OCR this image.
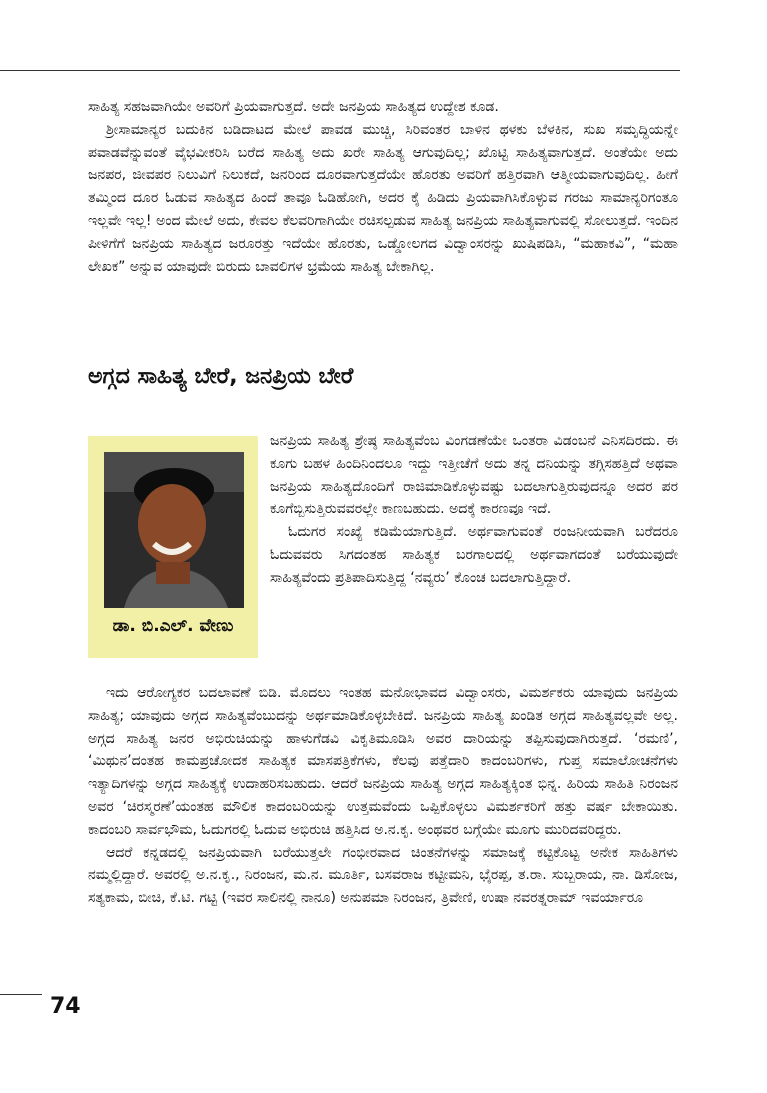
ಸಾಹಿತ್ಯ ಸಹಜವಾಗಿಯೇ ಅವರಿಗೆ ಪ್ರಿಯವಾಗುತ್ತದೆ. ಅದೇ ಜನಪ್ರಿಯ ಸಾಹಿತ್ಯದ ಉದ್ದೇಶ ಕೂಡ.

ಶ್ರೀಸಾಮಾನ್ಯರ ಬದುಕಿನ ಬಡಿದಾಟದ ಮೇಲೆ ಪಾವಡ ಮುಚ್ಚಿ, ಸಿರಿವಂತರ ಬಾಳಿನ ಥಳಕು ಬೆಳಕಿನ, ಸುಖ ಸಮೃದ್ಧಿಯನ್ನೇ ಪವಾಡವೆನ್ನುವಂತೆ ವೈಭವೀಕರಿಸಿ ಬರೆದ ಸಾಹಿತ್ಯ ಅದು ಖರೇ ಸಾಹಿತ್ಯ ಆಗುವುದಿಲ್ಲ; ಖೊಟ್ಟಿ ಸಾಹಿತ್ಯವಾಗುತ್ತದೆ. ಅಂತೆಯೇ ಅದು ಜನಪರ, ಜೀವಪರ ನಿಲುವಿಗೆ ನಿಲುಕದೆ, ಜನರಿಂದ ದೂರವಾಗುತ್ತದೆಯೇ ಹೊರತು ಅವರಿಗೆ ಹತ್ತಿರವಾಗಿ ಆತ್ಮೀಯವಾಗುವುದಿಲ್ಲ. ಹೀಗೆ ತಮ್ಮಿಂದ ದೂರ ಓಡುವ ಸಾಹಿತ್ಯದ ಹಿಂದೆ ತಾವೂ ಓಡಿಹೋಗಿ, ಅದರ ಕೈ ಹಿಡಿದು ಪ್ರಿಯವಾಗಿಸಿಕೊಳ್ಳುವ ಗರಜು ಸಾಮಾನ್ಯರಿಗಂತೂ ಇಲ್ಲವೇ ಇಲ್ಲ! ಅಂದ ಮೇಲೆ ಅದು, ಕೇವಲ ಕೆಲವರಿಗಾಗಿಯೇ ರಚಿಸಲ್ಪಡುವ ಸಾಹಿತ್ಯ ಜನಪ್ರಿಯ ಸಾಹಿತ್ಯವಾಗುವಲ್ಲಿ ಸೋಲುತ್ತದೆ. ಇಂದಿನ ಪೀಳಿಗೆಗೆ ಜನಪ್ರಿಯ ಸಾಹಿತ್ಯದ ಜರೂರತ್ತು ಇದೆಯೇ ಹೊರತು, ಒಡ್ಡೋಲಗದ ವಿದ್ವಾಂಸರನ್ನು ಖುಷಿಪಡಿಸಿ, “ಮಹಾಕವಿ”, “ಮಹಾ ಲೇಖಕ” ಅನ್ನುವ ಯಾವುದೇ ಬಿರುದು ಬಾವಲಿಗಳ ಭ್ರಮೆಯ ಸಾಹಿತ್ಯ ಬೇಕಾಗಿಲ್ಲ.

ಅಗ್ಗದ ಸಾಹಿತ್ಯ ಬೇರೆ, ಜನಪ್ರಿಯ ಬೇರೆ
ಡಾ. ಬಿ.ಎಲ್. ವೇಣು

ಜನಪ್ರಿಯ ಸಾಹಿತ್ಯ ಶ್ರೇಷ್ಠ ಸಾಹಿತ್ಯವೆಂಬ ವಿಂಗಡಣೆಯೇ ಒಂತರಾ ವಿಡಂಬನೆ ಎನಿಸದಿರದು. ಈ ಕೂಗು ಬಹಳ ಹಿಂದಿನಿಂದಲೂ ಇದ್ದು ಇತ್ತೀಚೆಗೆ ಅದು ತನ್ನ ದನಿಯನ್ನು ತಗ್ಗಿಸಹತ್ತಿದೆ ಅಥವಾ ಜನಪ್ರಿಯ ಸಾಹಿತ್ಯದೊಂದಿಗೆ ರಾಜಿಮಾಡಿಕೊಳ್ಳುವಷ್ಟು ಬದಲಾಗುತ್ತಿರುವುದನ್ನೂ ಅದರ ಪರ ಕೂಗೆಬ್ಬಿಸುತ್ತಿರುವವರಲ್ಲೇ ಕಾಣಬಹುದು. ಅದಕ್ಕೆ ಕಾರಣವೂ ಇದೆ.

ಓದುಗರ ಸಂಖ್ಯೆ ಕಡಿಮೆಯಾಗುತ್ತಿದೆ. ಅರ್ಥವಾಗುವಂತೆ ರಂಜನೀಯವಾಗಿ ಬರೆದರೂ ಓದುವವರು ಸಿಗದಂತಹ ಸಾಹಿತ್ಯಕ ಬರಗಾಲದಲ್ಲಿ ಅರ್ಥವಾಗದಂತೆ ಬರೆಯುವುದೇ ಸಾಹಿತ್ಯವೆಂದು ಪ್ರತಿಪಾದಿಸುತ್ತಿದ್ದ ‘ನವ್ಯರು’ ಕೊಂಚ ಬದಲಾಗುತ್ತಿದ್ದಾರೆ.

ಇದು ಆರೋಗ್ಯಕರ ಬದಲಾವಣೆ ಬಿಡಿ. ಮೊದಲು ಇಂತಹ ಮನೋಭಾವದ ವಿದ್ವಾಂಸರು, ವಿಮರ್ಶಕರು ಯಾವುದು ಜನಪ್ರಿಯ ಸಾಹಿತ್ಯ; ಯಾವುದು ಅಗ್ಗದ ಸಾಹಿತ್ಯವೆಂಬುದನ್ನು ಅರ್ಥಮಾಡಿಕೊಳ್ಳಬೇಕಿದೆ. ಜನಪ್ರಿಯ ಸಾಹಿತ್ಯ ಖಂಡಿತ ಅಗ್ಗದ ಸಾಹಿತ್ಯವಲ್ಲವೇ ಅಲ್ಲ. ಅಗ್ಗದ ಸಾಹಿತ್ಯ ಜನರ ಅಭಿರುಚಿಯನ್ನು ಹಾಳುಗೆಡವಿ ವಿಕೃತಿಮೂಡಿಸಿ ಅವರ ದಾರಿಯನ್ನು ತಪ್ಪಿಸುವುದಾಗಿರುತ್ತದೆ. ‘ರಮಣಿ’, ‘ಮಿಥುನ’ದಂತಹ ಕಾಮಪ್ರಚೋದಕ ಸಾಹಿತ್ಯಕ ಮಾಸಪತ್ರಿಕೆಗಳು, ಕೆಲವು ಪತ್ತೆದಾರಿ ಕಾದಂಬರಿಗಳು, ಗುಪ್ತ ಸಮಾಲೋಚನೆಗಳು ಇತ್ಯಾದಿಗಳನ್ನು ಅಗ್ಗದ ಸಾಹಿತ್ಯಕ್ಕೆ ಉದಾಹರಿಸಬಹುದು. ಆದರೆ ಜನಪ್ರಿಯ ಸಾಹಿತ್ಯ ಅಗ್ಗದ ಸಾಹಿತ್ಯಕ್ಕಿಂತ ಭಿನ್ನ. ಹಿರಿಯ ಸಾಹಿತಿ ನಿರಂಜನ ಅವರ ‘ಚಿರಸ್ಮರಣೆ’ಯಂತಹ ಮೌಲಿಕ ಕಾದಂಬರಿಯನ್ನು ಉತ್ತಮವೆಂದು ಒಪ್ಪಿಕೊಳ್ಳಲು ವಿಮರ್ಶಕರಿಗೆ ಹತ್ತು ವರ್ಷ ಬೇಕಾಯಿತು. ಕಾದಂಬರಿ ಸಾರ್ವಭೌಮ, ಓದುಗರಲ್ಲಿ ಓದುವ ಅಭಿರುಚಿ ಹತ್ತಿಸಿದ ಅ.ನ.ಕೃ. ಅಂಥವರ ಬಗ್ಗೆಯೇ ಮೂಗು ಮುರಿದವರಿದ್ದರು.

ಆದರೆ ಕನ್ನಡದಲ್ಲಿ ಜನಪ್ರಿಯವಾಗಿ ಬರೆಯುತ್ತಲೇ ಗಂಭೀರವಾದ ಚಿಂತನೆಗಳನ್ನು ಸಮಾಜಕ್ಕೆ ಕಟ್ಟಿಕೊಟ್ಟ ಅನೇಕ ಸಾಹಿತಿಗಳು ನಮ್ಮಲ್ಲಿದ್ದಾರೆ. ಅವರಲ್ಲಿ ಅ.ನ.ಕೃ., ನಿರಂಜನ, ಮ.ನ. ಮೂರ್ತಿ, ಬಸವರಾಜ ಕಟ್ಟೀಮನಿ, ಭೈರಪ್ಪ, ತ.ರಾ. ಸುಬ್ಬರಾಯ, ನಾ. ಡಿಸೋಜ, ಸತ್ಯಕಾಮ, ಬೀಚಿ, ಕೆ.ಟಿ. ಗಟ್ಟಿ (ಇವರ ಸಾಲಿನಲ್ಲಿ ನಾನೂ) ಅನುಪಮಾ ನಿರಂಜನ, ತ್ರಿವೇಣಿ, ಉಷಾ ನವರತ್ನರಾಮ್ ಇವರ್ಯಾರೂ

74
